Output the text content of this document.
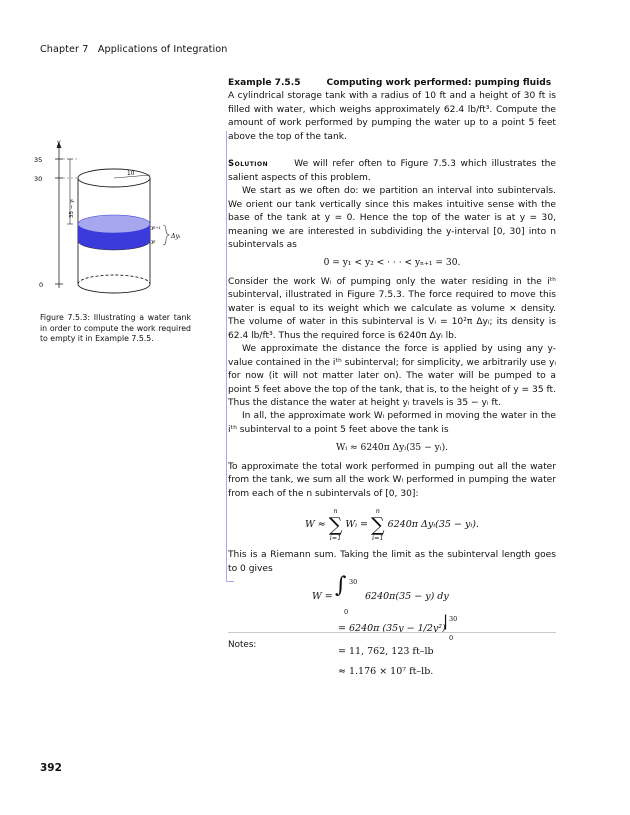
Chapter 7 Applications of Integration
y
35
30
0
35 − yᵢ
10
yᵢ₊₁
yᵢ
Δyᵢ
Figure 7.5.3: Illustrating a water tank in order to compute the work required to empty it in Example 7.5.5.

Example 7.5.5	Computing work performed: pumping fluids

A cylindrical storage tank with a radius of 10 ft and a height of 30 ft is filled with water, which weighs approximately 62.4 lb/ft³. Compute the amount of work performed by pumping the water up to a point 5 feet above the top of the tank.

Solution	We will refer often to Figure 7.5.3 which illustrates the salient aspects of this problem.

We start as we often do: we partition an interval into subintervals. We orient our tank vertically since this makes intuitive sense with the base of the tank at y = 0. Hence the top of the water is at y = 30, meaning we are interested in subdividing the y-interval [0, 30] into n subintervals as

0 = y₁ < y₂ < · · · < yₙ₊₁ = 30.

Consider the work Wᵢ of pumping only the water residing in the iᵗʰ subinterval, illustrated in Figure 7.5.3. The force required to move this water is equal to its weight which we calculate as volume × density. The volume of water in this subinterval is Vᵢ = 10²π Δyᵢ; its density is 62.4 lb/ft³. Thus the required force is 6240π Δyᵢ lb.

We approximate the distance the force is applied by using any y-value contained in the iᵗʰ subinterval; for simplicity, we arbitrarily use yᵢ for now (it will not matter later on). The water will be pumped to a point 5 feet above the top of the tank, that is, to the height of y = 35 ft. Thus the distance the water at height yᵢ travels is 35 − yᵢ ft.

In all, the approximate work Wᵢ peformed in moving the water in the iᵗʰ subinterval to a point 5 feet above the tank is

Wᵢ ≈ 6240π Δyᵢ(35 − yᵢ).

To approximate the total work performed in pumping out all the water from the tank, we sum all the work Wᵢ performed in pumping the water from each of the n subintervals of [0, 30]:

W ≈
n
∑
i=1
Wᵢ =
n
∑
i=1
6240π Δyᵢ(35 − yᵢ).

This is a Riemann sum. Taking the limit as the subinterval length goes to 0 gives

W = ∫ 30
0
6240π(35 − y) dy
= 6240π (35y − 1/2y²)
| 30
0
= 11, 762, 123 ft–lb
≈ 1.176 × 10⁷ ft–lb.
Notes:
392
